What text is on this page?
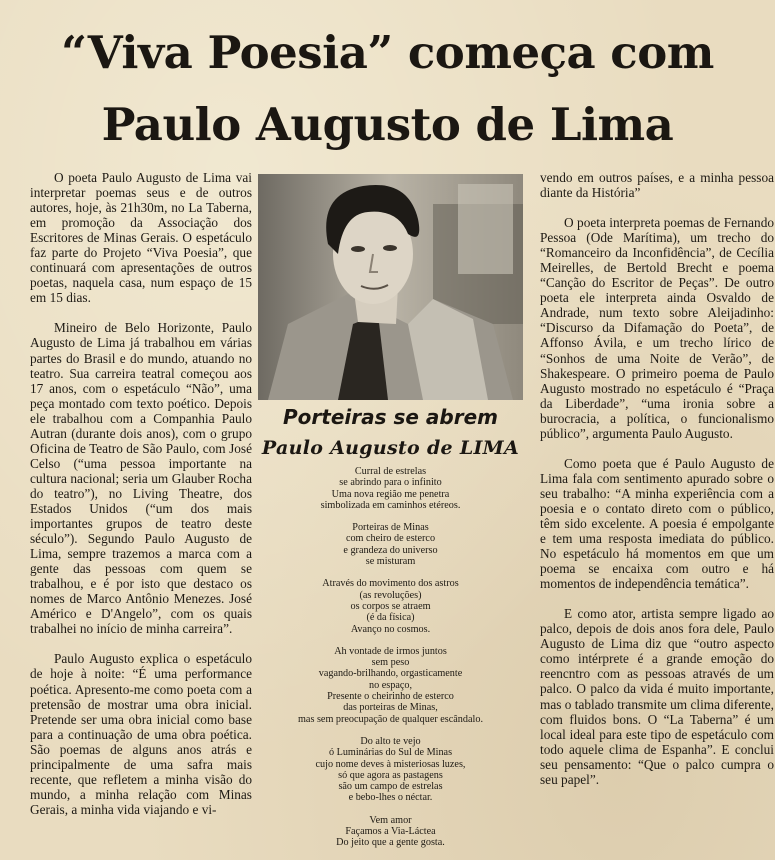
“Viva Poesia” começa com
Paulo Augusto de Lima

O poeta Paulo Augusto de Lima vai interpretar poemas seus e de outros autores, hoje, às 21h30m, no La Taberna, em promoção da Associação dos Escritores de Minas Gerais. O espetáculo faz parte do Projeto “Viva Poesia”, que continuará com apresentações de outros poetas, naquela casa, num espaço de 15 em 15 dias.

Mineiro de Belo Horizonte, Paulo Augusto de Lima já trabalhou em várias partes do Brasil e do mundo, atuando no teatro. Sua carreira teatral começou aos 17 anos, com o espetáculo “Não”, uma peça montado com texto poético. Depois ele trabalhou com a Companhia Paulo Autran (durante dois anos), com o grupo Oficina de Teatro de São Paulo, com José Celso (“uma pessoa importante na cultura nacional; seria um Glauber Rocha do teatro”), no Living Theatre, dos Estados Unidos (“um dos mais importantes grupos de teatro deste século”). Segundo Paulo Augusto de Lima, sempre trazemos a marca com a gente das pessoas com quem se trabalhou, e é por isto que destaco os nomes de Marco Antônio Menezes. José Américo e D'Angelo”, com os quais trabalhei no início de minha carreira”.

Paulo Augusto explica o espetáculo de hoje à noite: “É uma performance poética. Apresento-me como poeta com a pretensão de mostrar uma obra inicial. Pretende ser uma obra inicial como base para a continuação de uma obra poética. São poemas de alguns anos atrás e principalmente de uma safra mais recente, que refletem a minha visão do mundo, a minha relação com Minas Gerais, a minha vida viajando e vi-

Porteiras se abrem
Paulo Augusto de LIMA
Curral de estrelas
se abrindo para o infinito
Uma nova região me penetra
simbolizada em caminhos etéreos.
Porteiras de Minas
com cheiro de esterco
e grandeza do universo
se misturam
Através do movimento dos astros
(as revoluções)
os corpos se atraem
(é da física)
Avanço no cosmos.
Ah vontade de irmos juntos
sem peso
vagando-brilhando, orgasticamente
no espaço,
Presente o cheirinho de esterco
das porteiras de Minas,
mas sem preocupação de qualquer escândalo.
Do alto te vejo
ó Luminárias do Sul de Minas
cujo nome deves à misteriosas luzes,
só que agora as pastagens
são um campo de estrelas
e bebo-lhes o néctar.
Vem amor
Façamos a Via-Láctea
Do jeito que a gente gosta.

vendo em outros países, e a minha pessoa diante da História”

O poeta interpreta poemas de Fernando Pessoa (Ode Marítima), um trecho do “Romanceiro da Inconfidência”, de Cecília Meirelles, de Bertold Brecht e poema “Canção do Escritor de Peças”. De outro poeta ele interpreta ainda Osvaldo de Andrade, num texto sobre Aleijadinho: “Discurso da Difamação do Poeta”, de Affonso Ávila, e um trecho lírico de “Sonhos de uma Noite de Verão”, de Shakespeare. O primeiro poema de Paulo Augusto mostrado no espetáculo é “Praça da Liberdade”, “uma ironia sobre a burocracia, a política, o funcionalismo público”, argumenta Paulo Augusto.

Como poeta que é Paulo Augusto de Lima fala com sentimento apurado sobre o seu trabalho: “A minha experiência com a poesia e o contato direto com o público, têm sido excelente. A poesia é empolgante e tem uma resposta imediata do público. No espetáculo há momentos em que um poema se encaixa com outro e há momentos de independência temática”.

E como ator, artista sempre ligado ao palco, depois de dois anos fora dele, Paulo Augusto de Lima diz que “outro aspecto como intérprete é a grande emoção do reencntro com as pessoas através de um palco. O palco da vida é muito importante, mas o tablado transmite um clima diferente, com fluidos bons. O “La Taberna” é um local ideal para este tipo de espetáculo com todo aquele clima de Espanha”. E conclui seu pensamento: “Que o palco cumpra o seu papel”.
